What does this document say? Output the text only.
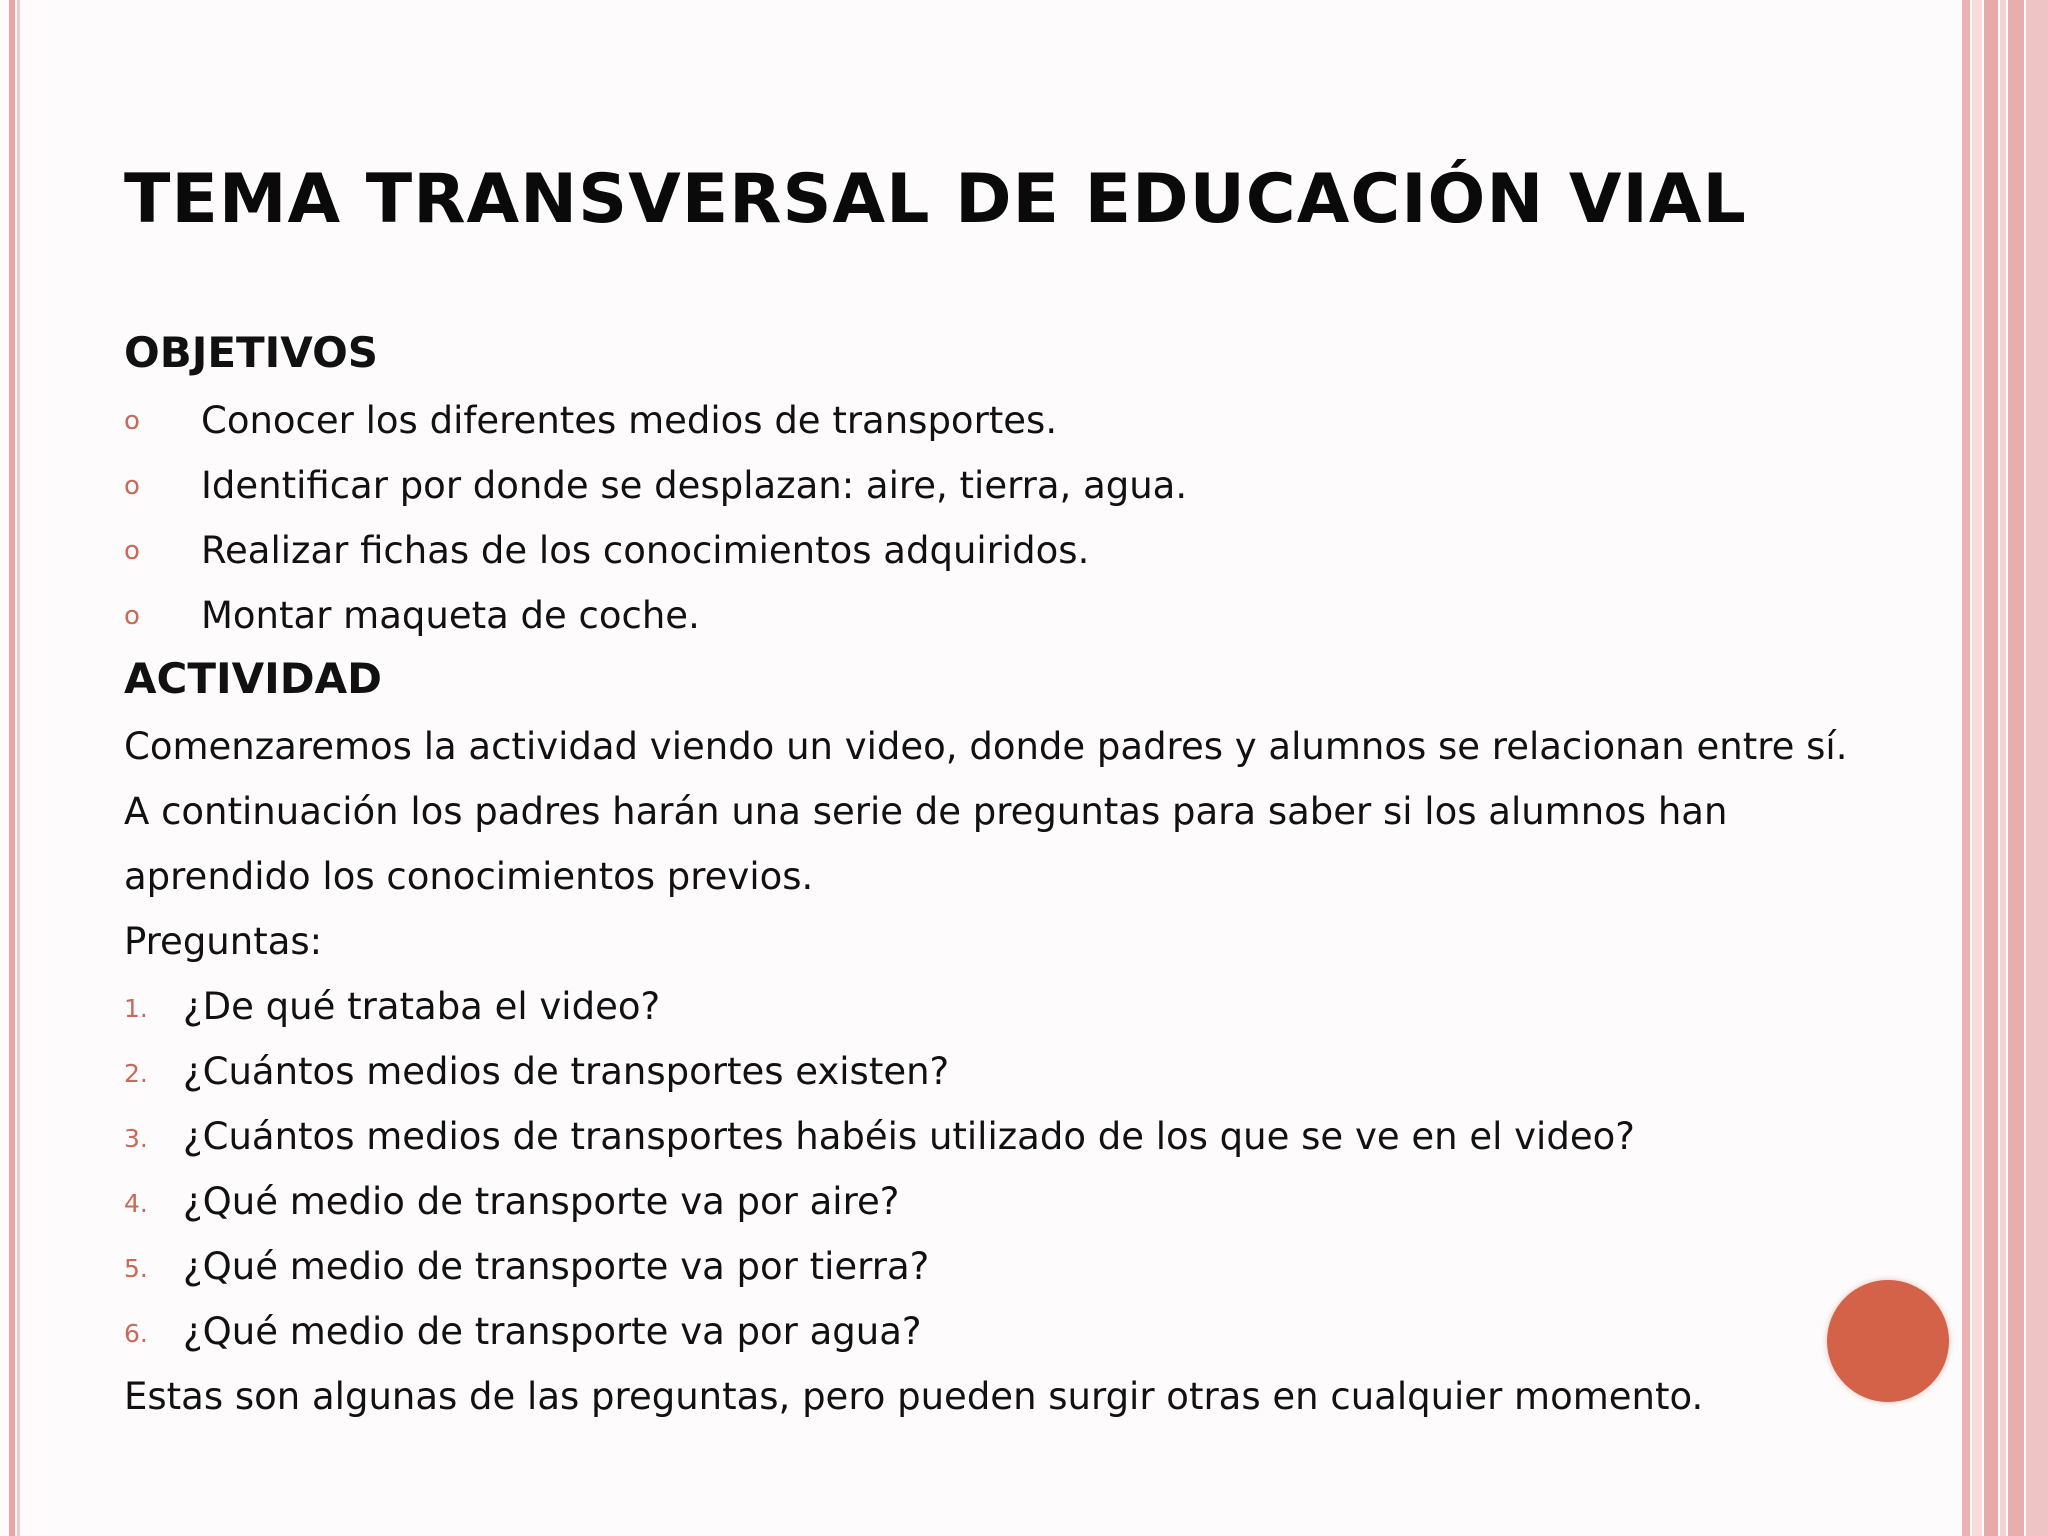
TEMA TRANSVERSAL DE EDUCACIÓN VIAL
OBJETIVOS
o Conocer los diferentes medios de transportes.
o Identificar por donde se desplazan: aire, tierra, agua.
o Realizar fichas de los conocimientos adquiridos.
o Montar maqueta de coche.
ACTIVIDAD
Comenzaremos la actividad viendo un video, donde padres y alumnos se relacionan entre sí.
A continuación los padres harán una serie de preguntas para saber si los alumnos han
aprendido los conocimientos previos.
Preguntas:
1. ¿De qué trataba el video?
2. ¿Cuántos medios de transportes existen?
3. ¿Cuántos medios de transportes habéis utilizado de los que se ve en el video?
4. ¿Qué medio de transporte va por aire?
5. ¿Qué medio de transporte va por tierra?
6. ¿Qué medio de transporte va por agua?
Estas son algunas de las preguntas, pero pueden surgir otras en cualquier momento.
